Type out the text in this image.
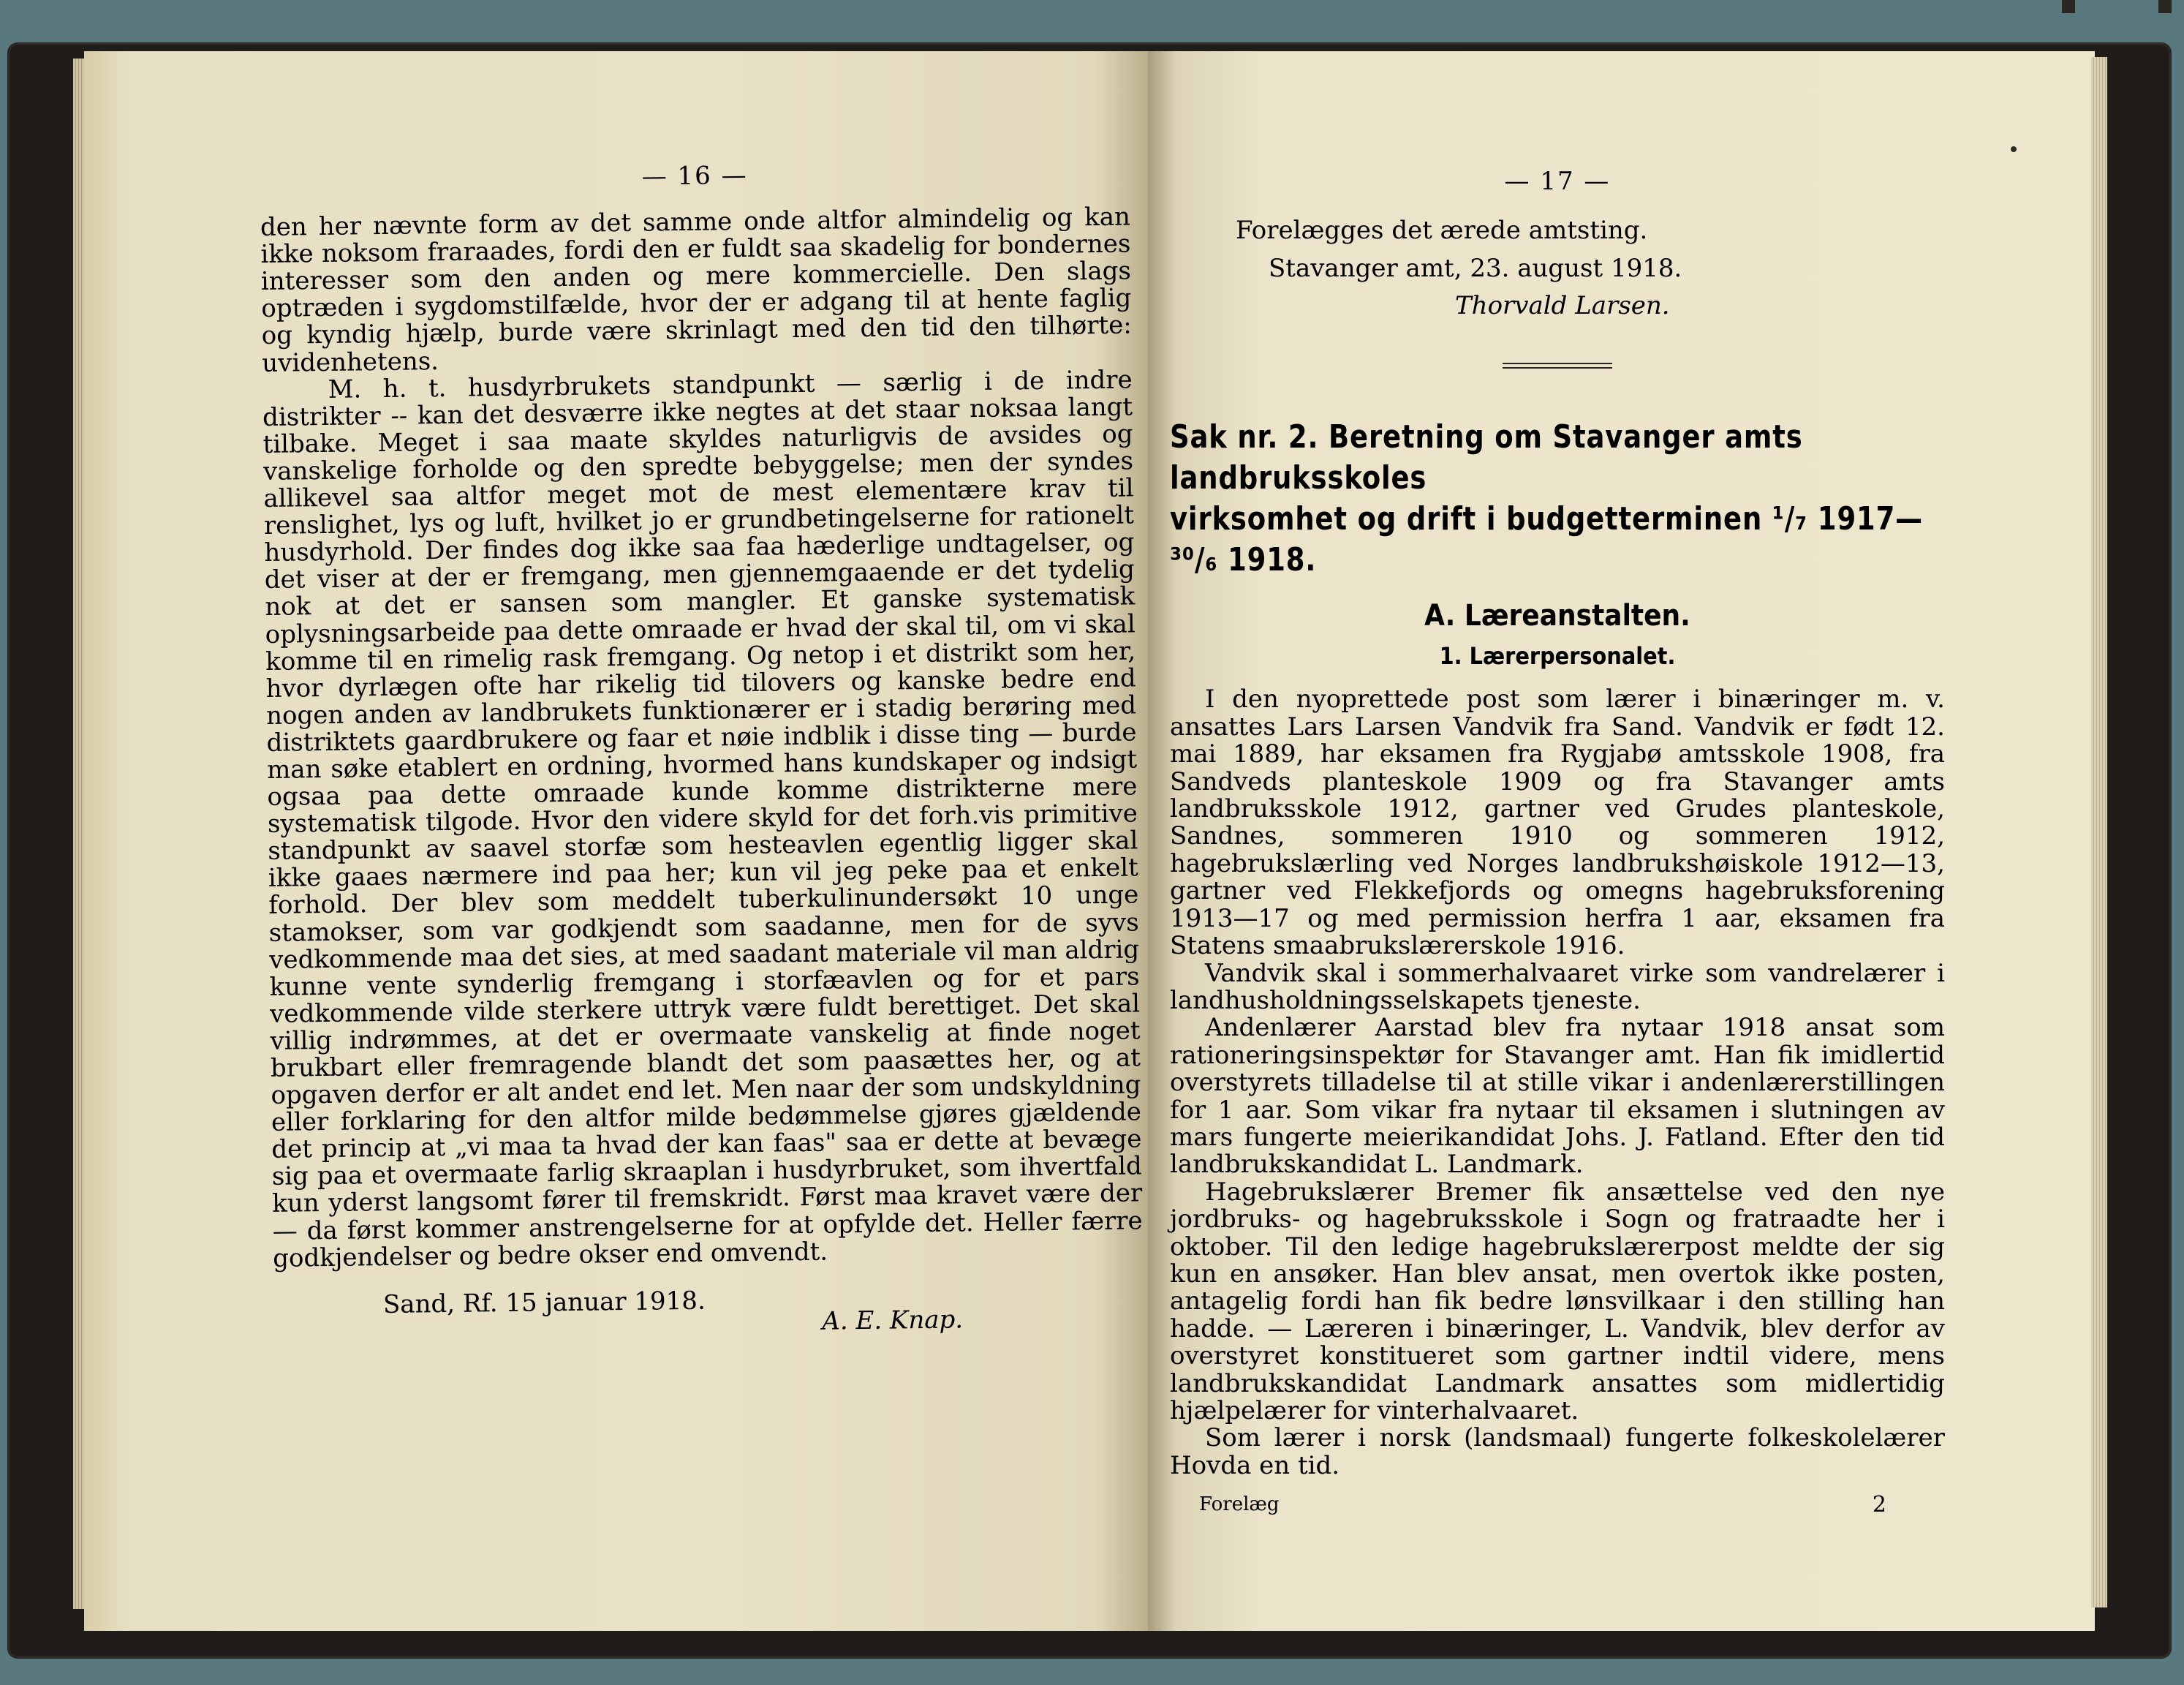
— 16 —

den her nævnte form av det samme onde altfor almindelig og kan ikke noksom fraraades, fordi den er fuldt saa skadelig for bondernes interesser som den anden og mere kommercielle. Den slags optræden i sygdomstilfælde, hvor der er adgang til at hente faglig og kyndig hjælp, burde være skrinlagt med den tid den tilhørte: uvidenhetens.

M. h. t. husdyrbrukets standpunkt — særlig i de indre distrikter -- kan det desværre ikke negtes at det staar noksaa langt tilbake. Meget i saa maate skyldes naturligvis de avsides og vanskelige forholde og den spredte bebyggelse; men der syndes allikevel saa altfor meget mot de mest elementære krav til renslighet, lys og luft, hvilket jo er grundbetingelserne for rationelt husdyrhold. Der findes dog ikke saa faa hæderlige undtagelser, og det viser at der er fremgang, men gjennemgaaende er det tydelig nok at det er sansen som mangler. Et ganske systematisk oplysningsarbeide paa dette omraade er hvad der skal til, om vi skal komme til en rimelig rask fremgang. Og netop i et distrikt som her, hvor dyrlægen ofte har rikelig tid tilovers og kanske bedre end nogen anden av landbrukets funktionærer er i stadig berøring med distriktets gaardbrukere og faar et nøie indblik i disse ting — burde man søke etablert en ordning, hvormed hans kundskaper og indsigt ogsaa paa dette omraade kunde komme distrikterne mere systematisk tilgode. Hvor den videre skyld for det forh.vis primitive standpunkt av saavel storfæ som hesteavlen egentlig ligger skal ikke gaaes nærmere ind paa her; kun vil jeg peke paa et enkelt forhold. Der blev som meddelt tuberkulinundersøkt 10 unge stamokser, som var godkjendt som saadanne, men for de syvs vedkommende maa det sies, at med saadant materiale vil man aldrig kunne vente synderlig fremgang i storfæavlen og for et pars vedkommende vilde sterkere uttryk være fuldt berettiget. Det skal villig indrømmes, at det er overmaate vanskelig at finde noget brukbart eller fremragende blandt det som paasættes her, og at opgaven derfor er alt andet end let. Men naar der som undskyldning eller forklaring for den altfor milde bedømmelse gjøres gjældende det princip at „vi maa ta hvad der kan faas" saa er dette at bevæge sig paa et overmaate farlig skraaplan i husdyrbruket, som ihvertfald kun yderst langsomt fører til fremskridt. Først maa kravet være der — da først kommer anstrengelserne for at opfylde det. Heller færre godkjendelser og bedre okser end omvendt.

Sand, Rf. 15 januar 1918.
A. E. Knap.
— 17 —

Forelægges det ærede amtsting.

Stavanger amt, 23. august 1918.

Thorvald Larsen.

Sak nr. 2. Beretning om Stavanger amts landbruksskoles
virksomhet og drift i budgetterminen ¹/₇ 1917—³⁰/₆ 1918.
A. Læreanstalten.
1. Lærerpersonalet.

I den nyoprettede post som lærer i binæringer m. v. ansattes Lars Larsen Vandvik fra Sand. Vandvik er født 12. mai 1889, har eksamen fra Rygjabø amtsskole 1908, fra Sandveds planteskole 1909 og fra Stavanger amts landbruksskole 1912, gartner ved Grudes planteskole, Sandnes, sommeren 1910 og sommeren 1912, hagebrukslærling ved Norges landbrukshøiskole 1912—13, gartner ved Flekkefjords og omegns hagebruksforening 1913—17 og med permission herfra 1 aar, eksamen fra Statens smaabrukslærerskole 1916.

Vandvik skal i sommerhalvaaret virke som vandrelærer i landhusholdningsselskapets tjeneste.

Andenlærer Aarstad blev fra nytaar 1918 ansat som rationeringsinspektør for Stavanger amt. Han fik imidlertid overstyrets tilladelse til at stille vikar i andenlærerstillingen for 1 aar. Som vikar fra nytaar til eksamen i slutningen av mars fungerte meierikandidat Johs. J. Fatland. Efter den tid landbrukskandidat L. Landmark.

Hagebrukslærer Bremer fik ansættelse ved den nye jordbruks- og hagebruksskole i Sogn og fratraadte her i oktober. Til den ledige hagebrukslærerpost meldte der sig kun en ansøker. Han blev ansat, men overtok ikke posten, antagelig fordi han fik bedre lønsvilkaar i den stilling han hadde. — Læreren i binæringer, L. Vandvik, blev derfor av overstyret konstitueret som gartner indtil videre, mens landbrukskandidat Landmark ansattes som midlertidig hjælpelærer for vinterhalvaaret.

Som lærer i norsk (landsmaal) fungerte folkeskolelærer Hovda en tid.

Forelæg	2
